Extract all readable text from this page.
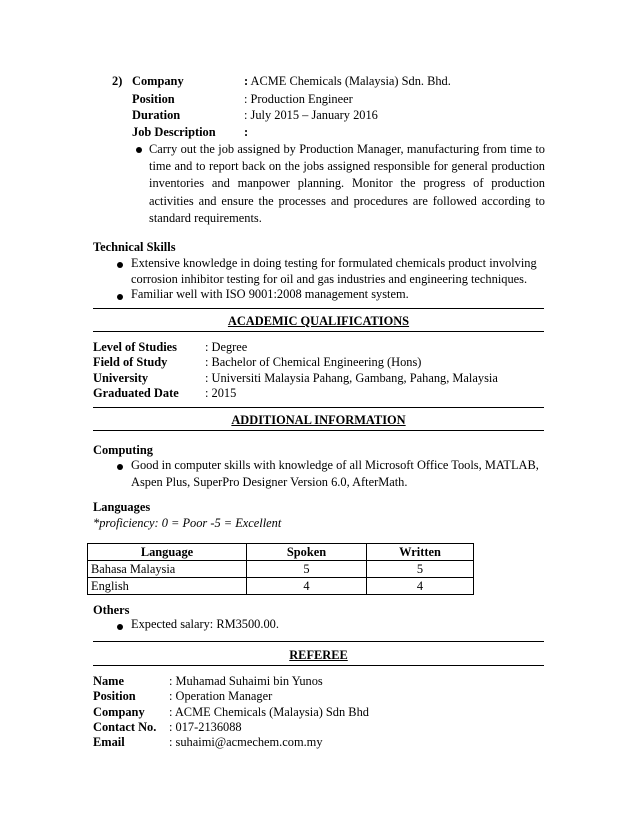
2) Company	: ACME Chemicals (Malaysia) Sdn. Bhd.
Position	: Production Engineer
Duration	: July 2015 – January 2016
Job Description :
Carry out the job assigned by Production Manager, manufacturing from time to time and to report back on the jobs assigned responsible for general production inventories and manpower planning. Monitor the progress of production activities and ensure the processes and procedures are followed according to standard requirements.
Technical Skills
Extensive knowledge in doing testing for formulated chemicals product involving corrosion inhibitor testing for oil and gas industries and engineering techniques.
Familiar well with ISO 9001:2008 management system.
ACADEMIC QUALIFICATIONS
Level of Studies : Degree
Field of Study	: Bachelor of Chemical Engineering (Hons)
University	: Universiti Malaysia Pahang, Gambang, Pahang, Malaysia
Graduated Date : 2015
ADDITIONAL INFORMATION
Computing
Good in computer skills with knowledge of all Microsoft Office Tools, MATLAB, Aspen Plus, SuperPro Designer Version 6.0, AfterMath.
Languages
*proficiency: 0 = Poor -5 = Excellent
Language	Spoken	Written
Bahasa Malaysia	5	5
English	4	4
Others
Expected salary: RM3500.00.
REFEREE
Name	: Muhamad Suhaimi bin Yunos
Position	: Operation Manager
Company : ACME Chemicals (Malaysia) Sdn Bhd
Contact No. : 017-2136088
Email	: suhaimi@acmechem.com.my
